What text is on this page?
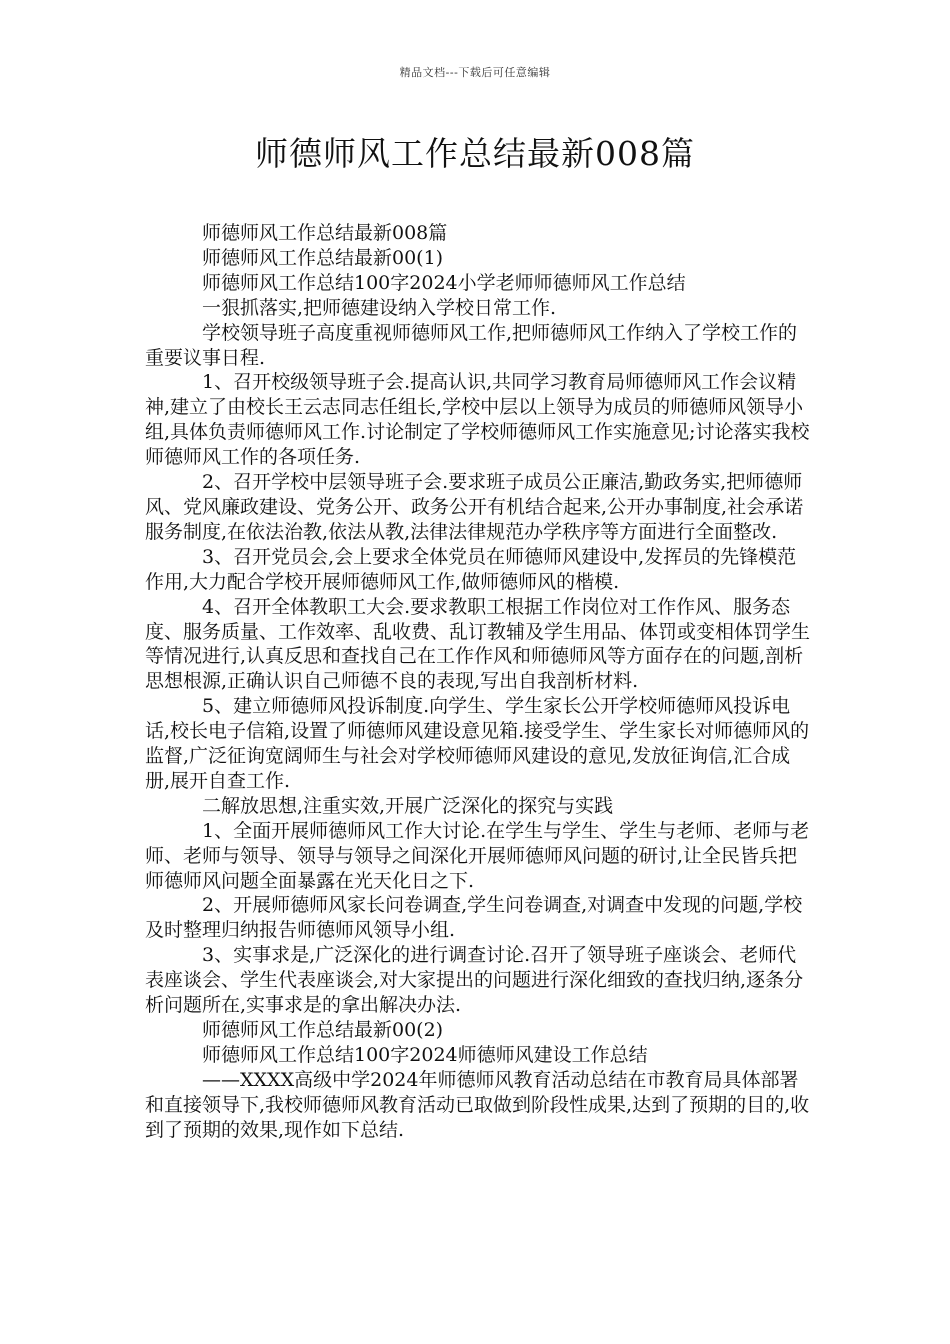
精品文档---下载后可任意编辑
师德师风工作总结最新008篇

师德师风工作总结最新008篇

师德师风工作总结最新00(1)

师德师风工作总结100字2024小学老师师德师风工作总结

一狠抓落实,把师德建设纳入学校日常工作.

学校领导班子高度重视师德师风工作,把师德师风工作纳入了学校工作的重要议事日程.

1、召开校级领导班子会.提高认识,共同学习教育局师德师风工作会议精神,建立了由校长王云志同志任组长,学校中层以上领导为成员的师德师风领导小组,具体负责师德师风工作.讨论制定了学校师德师风工作实施意见;讨论落实我校师德师风工作的各项任务.

2、召开学校中层领导班子会.要求班子成员公正廉洁,勤政务实,把师德师风、党风廉政建设、党务公开、政务公开有机结合起来,公开办事制度,社会承诺服务制度,在依法治教,依法从教,法律法律规范办学秩序等方面进行全面整改.

3、召开党员会,会上要求全体党员在师德师风建设中,发挥员的先锋模范作用,大力配合学校开展师德师风工作,做师德师风的楷模.

4、召开全体教职工大会.要求教职工根据工作岗位对工作作风、服务态度、服务质量、工作效率、乱收费、乱订教辅及学生用品、体罚或变相体罚学生等情况进行,认真反思和查找自己在工作作风和师德师风等方面存在的问题,剖析思想根源,正确认识自己师德不良的表现,写出自我剖析材料.

5、建立师德师风投诉制度.向学生、学生家长公开学校师德师风投诉电话,校长电子信箱,设置了师德师风建设意见箱.接受学生、学生家长对师德师风的监督,广泛征询宽阔师生与社会对学校师德师风建设的意见,发放征询信,汇合成册,展开自查工作.

二解放思想,注重实效,开展广泛深化的探究与实践

1、全面开展师德师风工作大讨论.在学生与学生、学生与老师、老师与老师、老师与领导、领导与领导之间深化开展师德师风问题的研讨,让全民皆兵把师德师风问题全面暴露在光天化日之下.

2、开展师德师风家长问卷调查,学生问卷调查,对调查中发现的问题,学校及时整理归纳报告师德师风领导小组.

3、实事求是,广泛深化的进行调查讨论.召开了领导班子座谈会、老师代表座谈会、学生代表座谈会,对大家提出的问题进行深化细致的查找归纳,逐条分析问题所在,实事求是的拿出解决办法.

师德师风工作总结最新00(2)

师德师风工作总结100字2024师德师风建设工作总结

——XXXX高级中学2024年师德师风教育活动总结在市教育局具体部署和直接领导下,我校师德师风教育活动已取做到阶段性成果,达到了预期的目的,收到了预期的效果,现作如下总结.
